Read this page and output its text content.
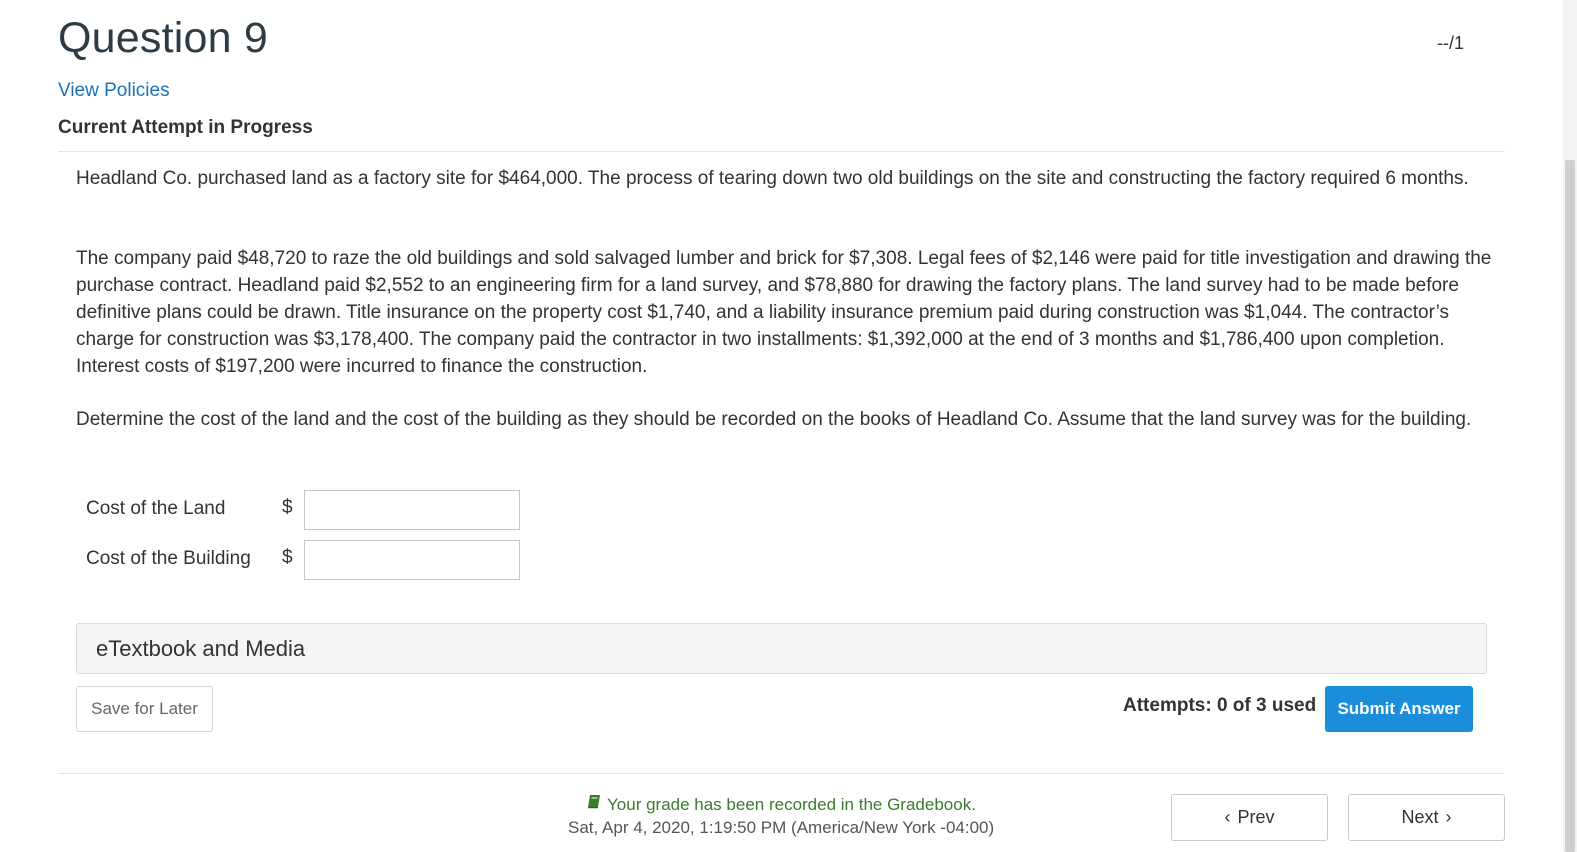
Question 9	--/1
View Policies
Current Attempt in Progress

Headland Co. purchased land as a factory site for $464,000. The process of tearing down two old buildings on the site and constructing the factory required 6 months.

The company paid $48,720 to raze the old buildings and sold salvaged lumber and brick for $7,308. Legal fees of $2,146 were paid for title investigation and drawing the purchase contract. Headland paid $2,552 to an engineering firm for a land survey, and $78,880 for drawing the factory plans. The land survey had to be made before definitive plans could be drawn. Title insurance on the property cost $1,740, and a liability insurance premium paid during construction was $1,044. The contractor’s charge for construction was $3,178,400. The company paid the contractor in two installments: $1,392,000 at the end of 3 months and $1,786,400 upon completion. Interest costs of $197,200 were incurred to finance the construction.

Determine the cost of the land and the cost of the building as they should be recorded on the books of Headland Co. Assume that the land survey was for the building.

Cost of the Land	$
Cost of the Building $
eTextbook and Media
Save for Later	Attempts: 0 of 3 used	Submit Answer
Your grade has been recorded in the Gradebook.
Sat, Apr 4, 2020, 1:19:50 PM (America/New York -04:00)
‹ Prev	Next ›
